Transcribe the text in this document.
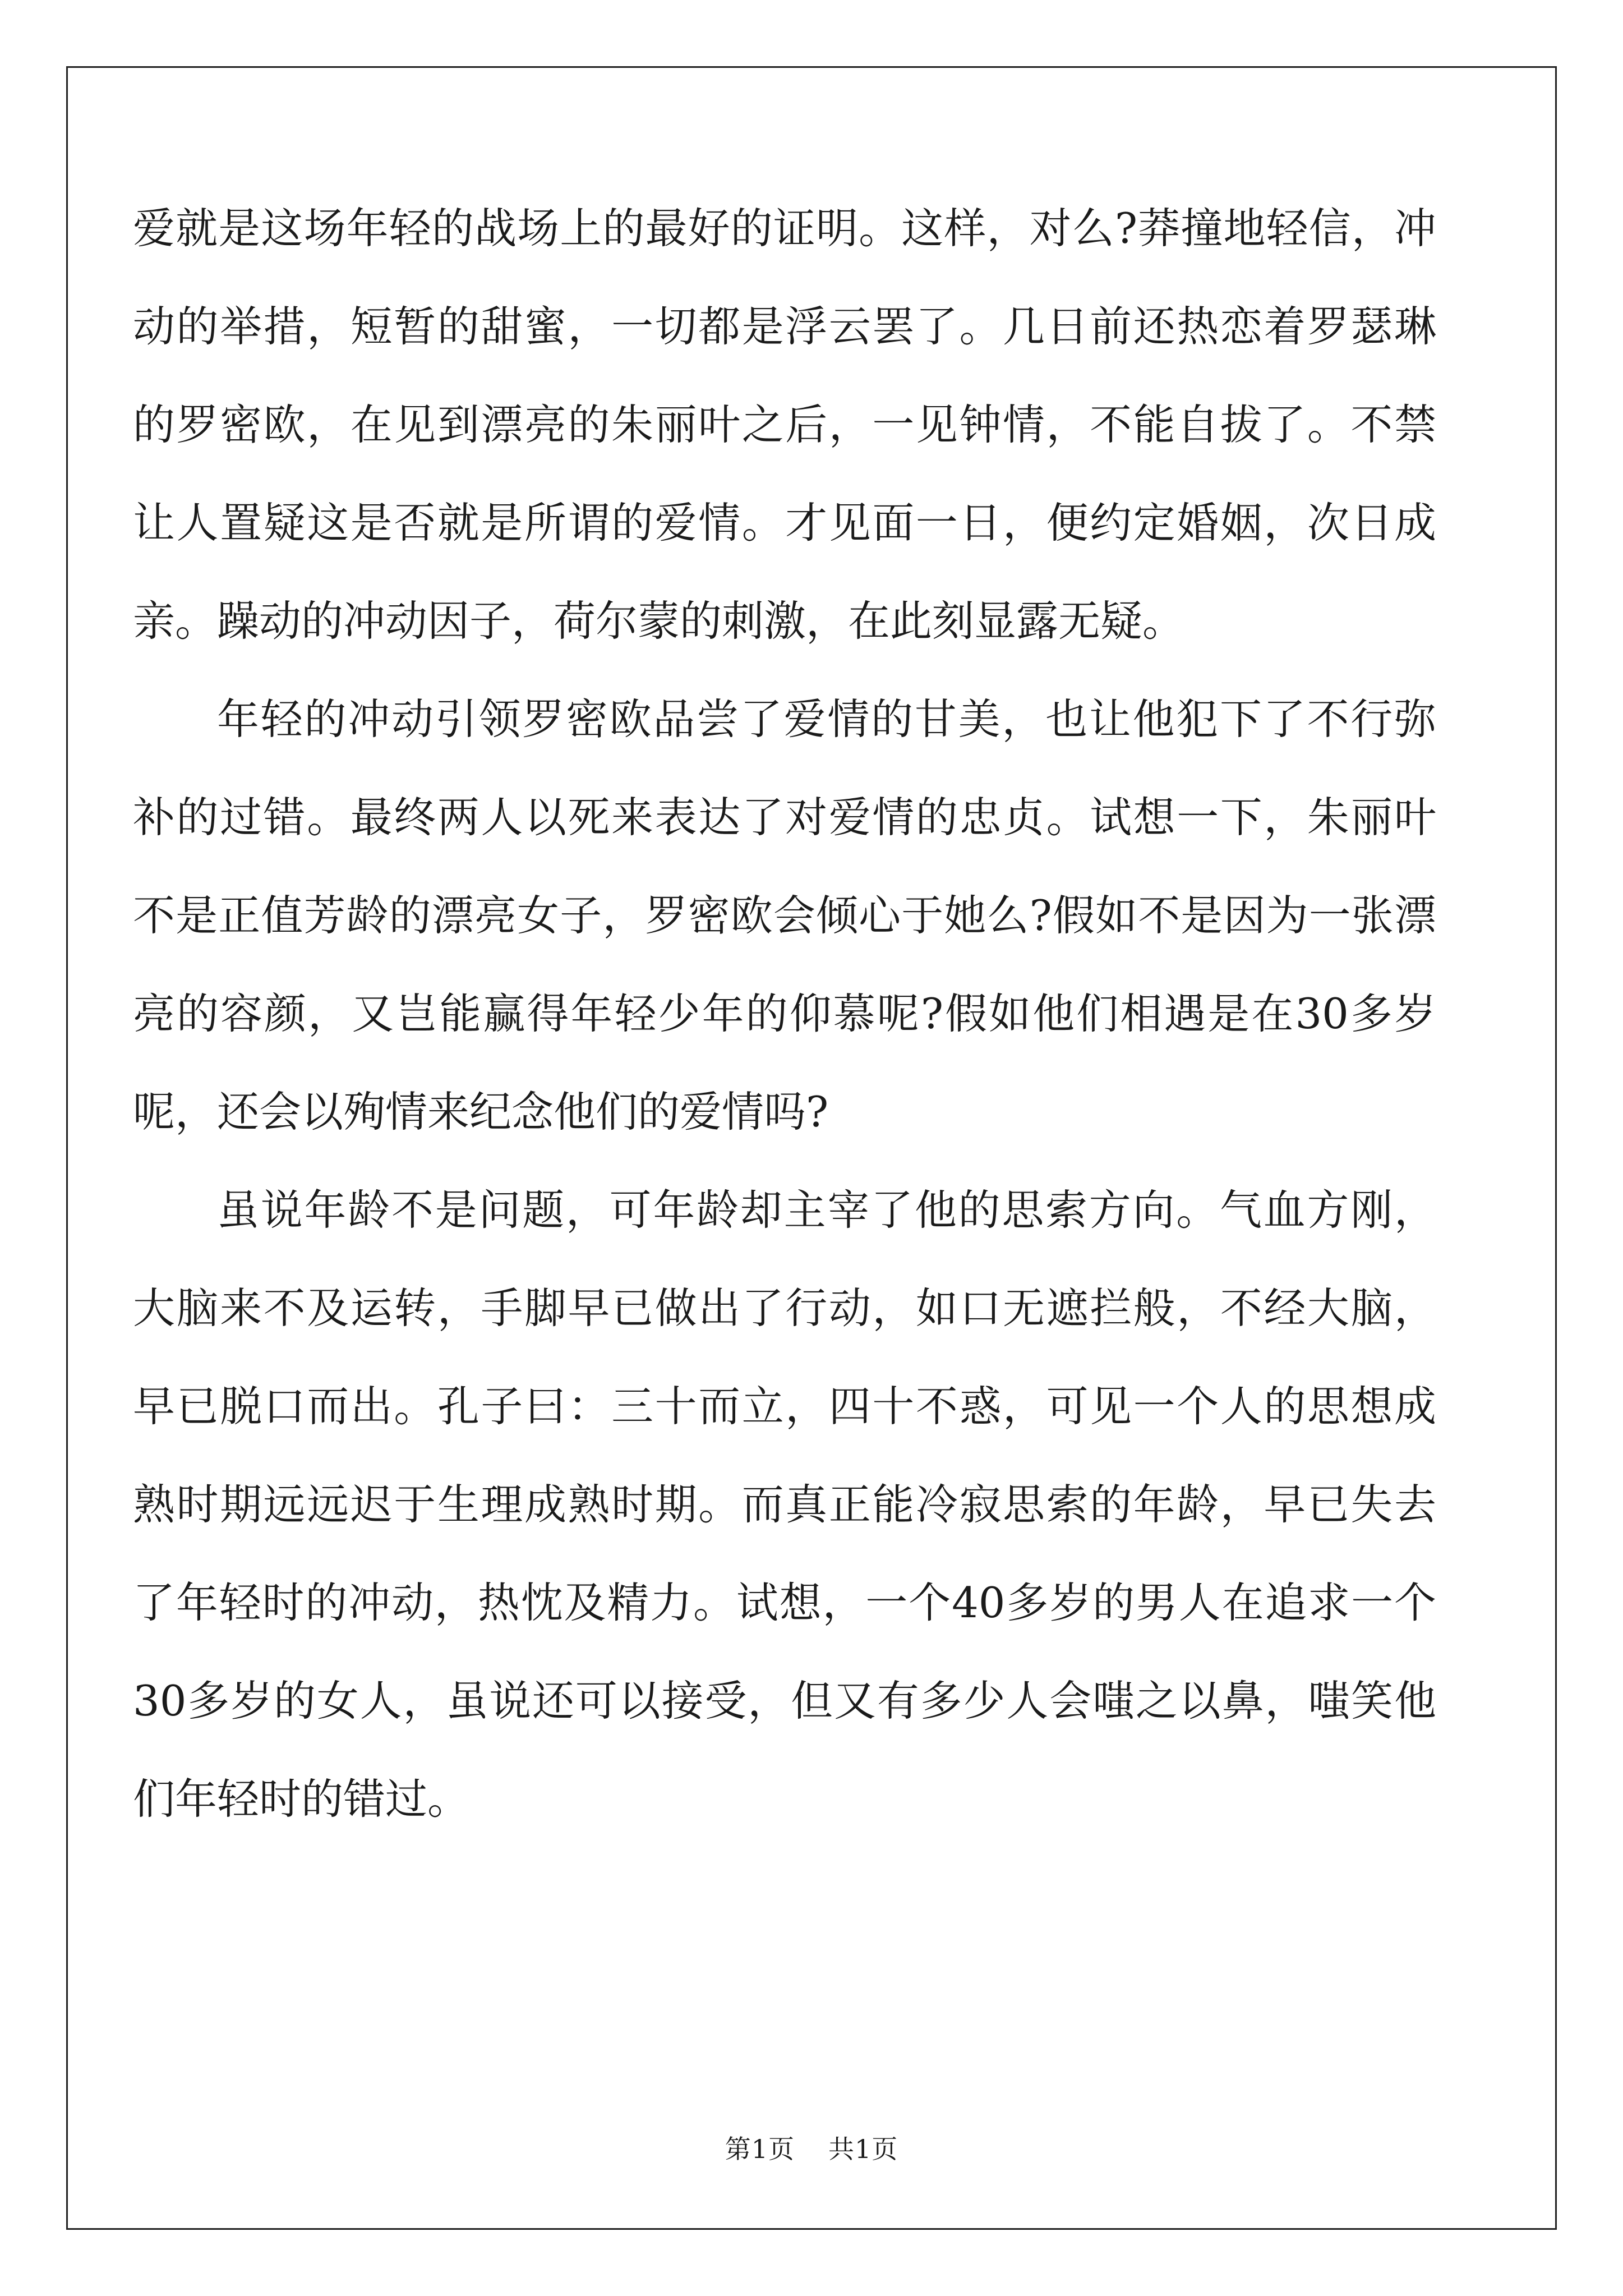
爱就是这场年轻的战场上的最好的证明。这样，对么?莽撞地轻信，冲动的举措，短暂的甜蜜，一切都是浮云罢了。几日前还热恋着罗瑟琳的罗密欧，在见到漂亮的朱丽叶之后，一见钟情，不能自拔了。不禁让人置疑这是否就是所谓的爱情。才见面一日，便约定婚姻，次日成亲。躁动的冲动因子，荷尔蒙的刺激，在此刻显露无疑。

年轻的冲动引领罗密欧品尝了爱情的甘美，也让他犯下了不行弥补的过错。最终两人以死来表达了对爱情的忠贞。试想一下，朱丽叶不是正值芳龄的漂亮女子，罗密欧会倾心于她么?假如不是因为一张漂亮的容颜，又岂能赢得年轻少年的仰慕呢?假如他们相遇是在30多岁呢，还会以殉情来纪念他们的爱情吗?

虽说年龄不是问题，可年龄却主宰了他的思索方向。气血方刚，大脑来不及运转，手脚早已做出了行动，如口无遮拦般，不经大脑，早已脱口而出。孔子曰：三十而立，四十不惑，可见一个人的思想成熟时期远远迟于生理成熟时期。而真正能冷寂思索的年龄，早已失去了年轻时的冲动，热忱及精力。试想，一个40多岁的男人在追求一个30多岁的女人，虽说还可以接受，但又有多少人会嗤之以鼻，嗤笑他们年轻时的错过。

第1页 共1页
